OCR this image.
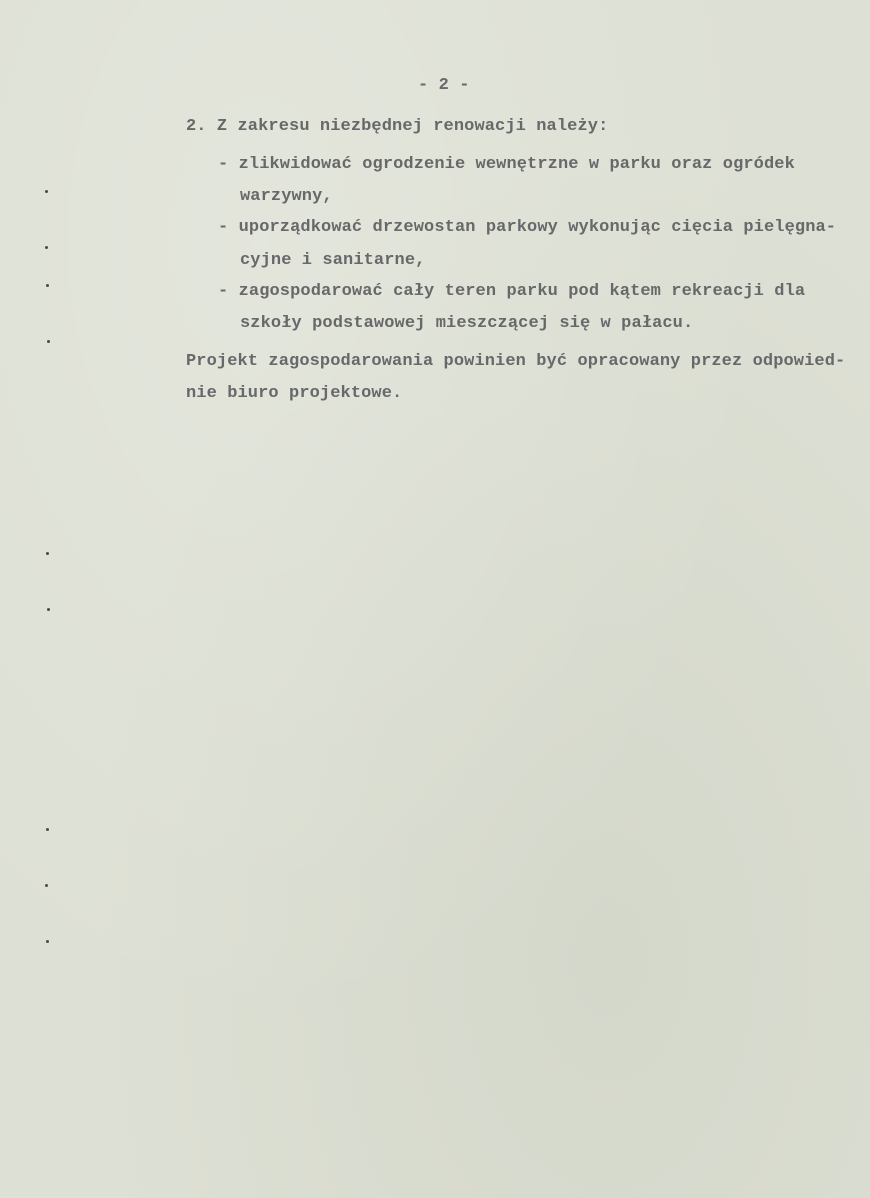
- 2 -
2. Z zakresu niezbędnej renowacji należy:
- zlikwidować ogrodzenie wewnętrzne w parku oraz ogródek
warzywny,
- uporządkować drzewostan parkowy wykonując cięcia pielęgna-
cyjne i sanitarne,
- zagospodarować cały teren parku pod kątem rekreacji dla
szkoły podstawowej mieszczącej się w pałacu.
Projekt zagospodarowania powinien być opracowany przez odpowied-
nie biuro projektowe.
